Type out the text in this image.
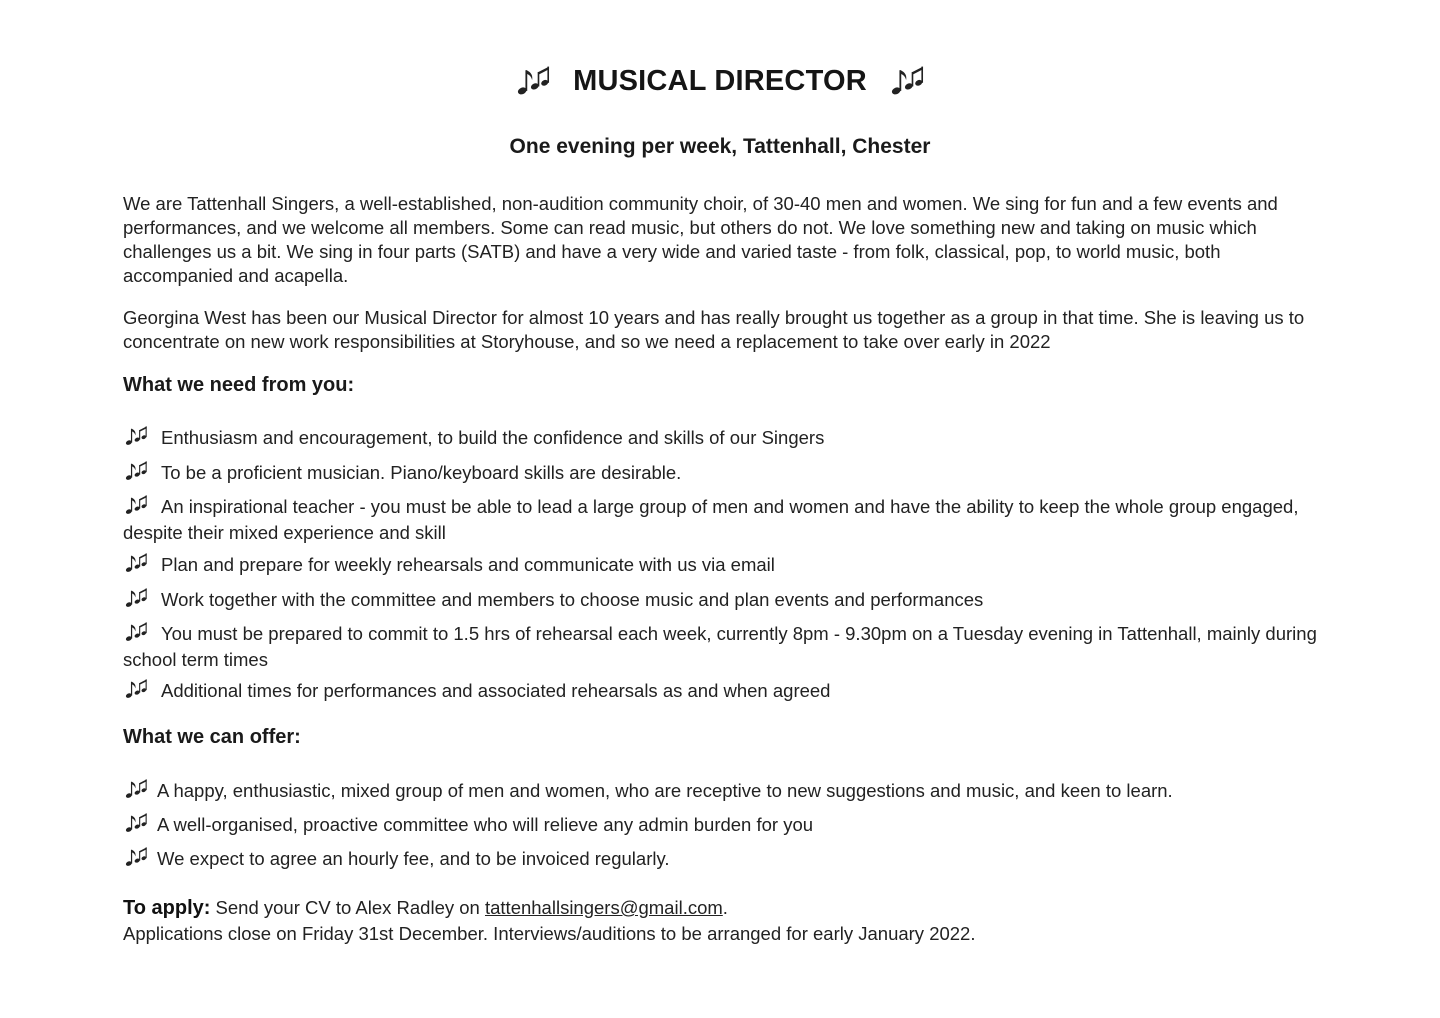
MUSICAL DIRECTOR
One evening per week, Tattenhall, Chester
We are Tattenhall Singers, a well-established, non-audition community choir, of 30-40 men and women. We sing for fun and a few events and performances, and we welcome all members. Some can read music, but others do not. We love something new and taking on music which challenges us a bit. We sing in four parts (SATB) and have a very wide and varied taste - from folk, classical, pop, to world music, both accompanied and acapella.
Georgina West has been our Musical Director for almost 10 years and has really brought us together as a group in that time. She is leaving us to concentrate on new work responsibilities at Storyhouse, and so we need a replacement to take over early in 2022
What we need from you:
Enthusiasm and encouragement, to build the confidence and skills of our Singers
To be a proficient musician. Piano/keyboard skills are desirable.
An inspirational teacher - you must be able to lead a large group of men and women and have the ability to keep the whole group engaged, despite their mixed experience and skill
Plan and prepare for weekly rehearsals and communicate with us via email
Work together with the committee and members to choose music and plan events and performances
You must be prepared to commit to 1.5 hrs of rehearsal each week, currently 8pm - 9.30pm on a Tuesday evening in Tattenhall, mainly during school term times
Additional times for performances and associated rehearsals as and when agreed
What we can offer:
A happy, enthusiastic, mixed group of men and women, who are receptive to new suggestions and music, and keen to learn.
A well-organised, proactive committee who will relieve any admin burden for you
We expect to agree an hourly fee, and to be invoiced regularly.
To apply: Send your CV to Alex Radley on tattenhallsingers@gmail.com.
Applications close on Friday 31st December. Interviews/auditions to be arranged for early January 2022.
